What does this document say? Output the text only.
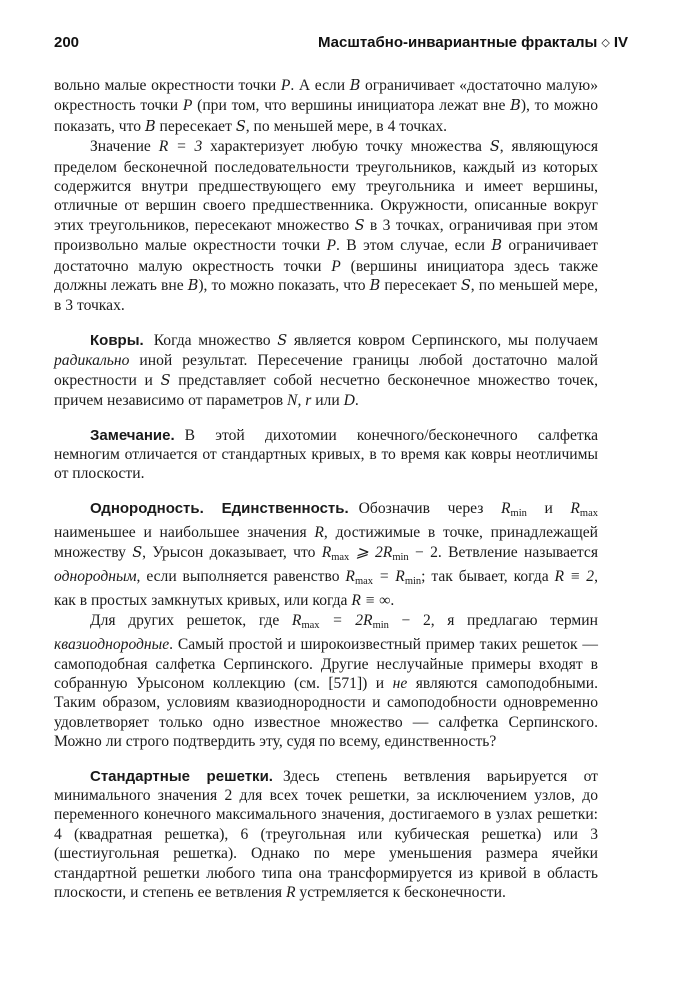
200	Масштабно-инвариантные фракталы ◇ IV

вольно малые окрестности точки P. А если B ограничивает «достаточно малую» окрестность точки P (при том, что вершины инициатора лежат вне B), то можно показать, что B пересекает S, по меньшей мере, в 4 точках.

Значение R = 3 характеризует любую точку множества S, являющуюся пределом бесконечной последовательности треугольников, каждый из которых содержится внутри предшествующего ему треугольника и имеет вершины, отличные от вершин своего предшественника. Окружности, описанные вокруг этих треугольников, пересекают множество S в 3 точках, ограничивая при этом произвольно малые окрестности точки P. В этом случае, если B ограничивает достаточно малую окрестность точки P (вершины инициатора здесь также должны лежать вне B), то можно показать, что B пересекает S, по меньшей мере, в 3 точках.

Ковры. Когда множество S является ковром Серпинского, мы получаем радикально иной результат. Пересечение границы любой достаточно малой окрестности и S представляет собой несчетно бесконечное множество точек, причем независимо от параметров N, r или D.

Замечание. В этой дихотомии конечного/бесконечного салфетка немногим отличается от стандартных кривых, в то время как ковры неотличимы от плоскости.

Однородность. Единственность. Обозначив через $R_{min}$ и $R_{max}$ наименьшее и наибольшее значения R, достижимые в точке, принадлежащей множеству S, Урысон доказывает, что $R_{max}$ ⩾ $2R_{min} - 2$. Ветвление называется однородным, если выполняется равенство $R_{max} = R_{min}$; так бывает, когда R ≡ 2, как в простых замкнутых кривых, или когда R ≡ ∞.

Для других решеток, где $R_{max} = 2R_{min} - 2$, я предлагаю термин квазиоднородные. Самый простой и широкоизвестный пример таких решеток — самоподобная салфетка Серпинского. Другие неслучайные примеры входят в собранную Урысоном коллекцию (см. [571]) и не являются самоподобными. Таким образом, условиям квазиоднородности и самоподобности одновременно удовлетворяет только одно известное множество — салфетка Серпинского. Можно ли строго подтвердить эту, судя по всему, единственность?

Стандартные решетки. Здесь степень ветвления варьируется от минимального значения 2 для всех точек решетки, за исключением узлов, до переменного конечного максимального значения, достигаемого в узлах решетки: 4 (квадратная решетка), 6 (треугольная или кубическая решетка) или 3 (шестиугольная решетка). Однако по мере уменьшения размера ячейки стандартной решетки любого типа она трансформируется из кривой в область плоскости, и степень ее ветвления R устремляется к бесконечности.
